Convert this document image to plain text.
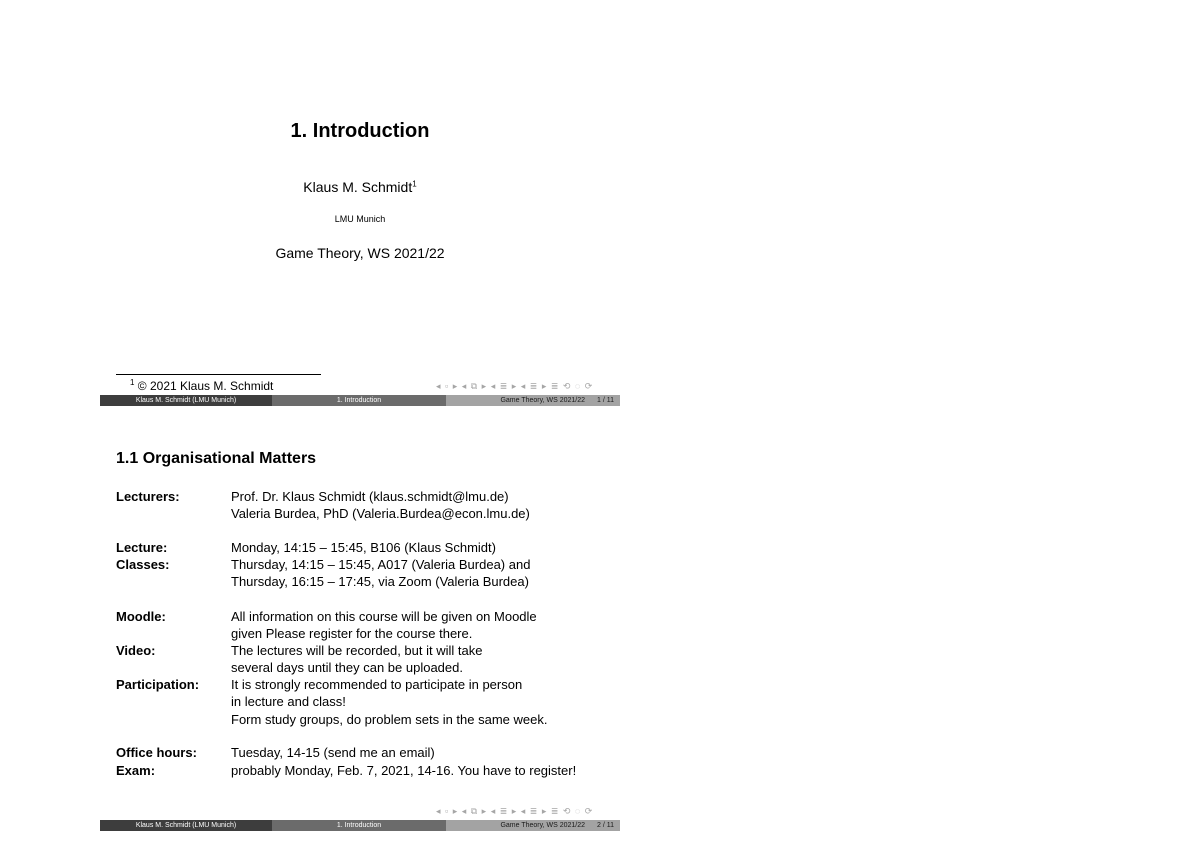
1. Introduction
Klaus M. Schmidt$^1$
LMU Munich
Game Theory, WS 2021/22
$^1$ © 2021 Klaus M. Schmidt	◂ ▫ ▸ ◂ ⧉ ▸ ◂ ≣ ▸ ◂ ≣ ▸ ≣ ⟲ ◌ ⟳
Klaus M. Schmidt (LMU Munich)	1. Introduction	Game Theory, WS 2021/22 1 / 11
1.1 Organisational Matters
Lecturers:	Prof. Dr. Klaus Schmidt (klaus.schmidt@lmu.de)
Valeria Burdea, PhD (Valeria.Burdea@econ.lmu.de)
Lecture:	Monday, 14:15 – 15:45, B106 (Klaus Schmidt)
Classes:	Thursday, 14:15 – 15:45, A017 (Valeria Burdea) and
Thursday, 16:15 – 17:45, via Zoom (Valeria Burdea)
Moodle:	All information on this course will be given on Moodle
given Please register for the course there.
Video:	The lectures will be recorded, but it will take
several days until they can be uploaded.
Participation: It is strongly recommended to participate in person
in lecture and class!
Form study groups, do problem sets in the same week.
Office hours:	Tuesday, 14-15 (send me an email)
Exam:	probably Monday, Feb. 7, 2021, 14-16. You have to register!
◂ ▫ ▸ ◂ ⧉ ▸ ◂ ≣ ▸ ◂ ≣ ▸ ≣ ⟲ ◌ ⟳
Klaus M. Schmidt (LMU Munich)	1. Introduction	Game Theory, WS 2021/22 2 / 11
